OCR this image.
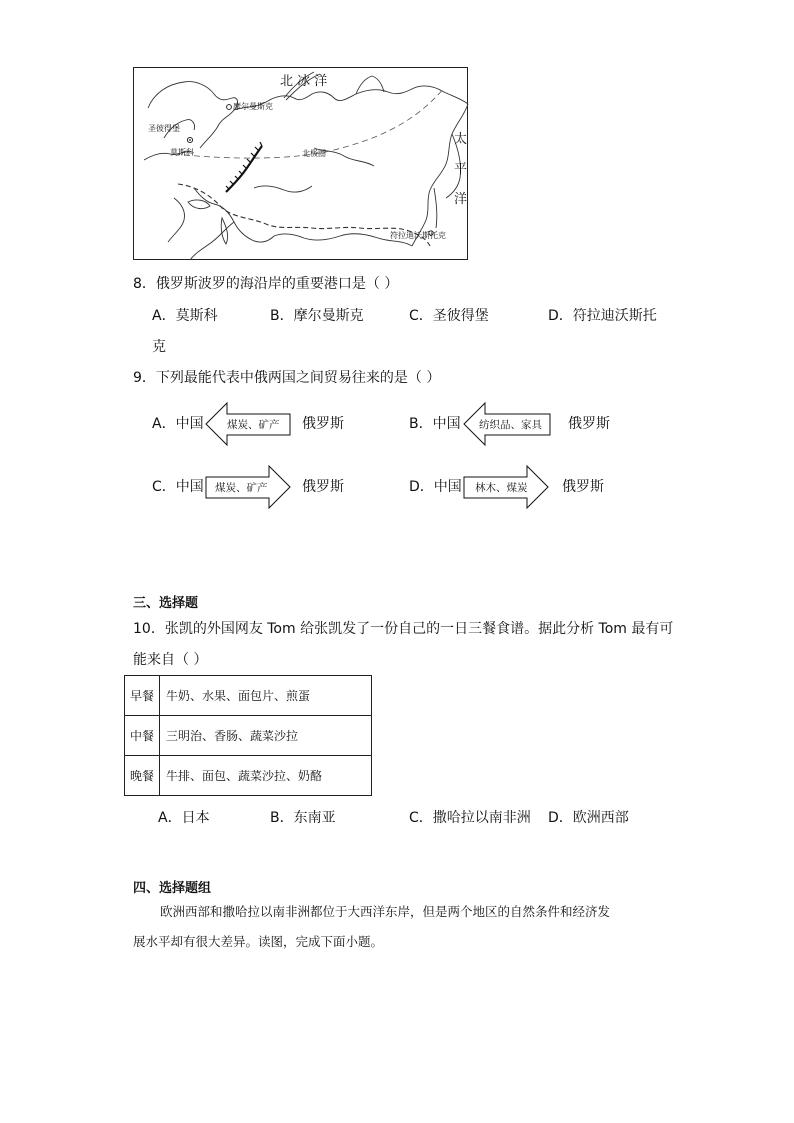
北 冰 洋
太
平
洋
摩尔曼斯克
圣彼得堡
莫斯科	北极圈
符拉迪沃斯托克
8．俄罗斯波罗的海沿岸的重要港口是（ ）
A．莫斯科	B．摩尔曼斯克	C．圣彼得堡	D．符拉迪沃斯托
克
9．下列最能代表中俄两国之间贸易往来的是（ ）
A．中国 煤炭、矿产 俄罗斯	B．中国 纺织品、家具 俄罗斯
C．中国 煤炭、矿产 俄罗斯	D．中国 林木、煤炭 俄罗斯
三、选择题
10．张凯的外国网友 Tom 给张凯发了一份自己的一日三餐食谱。据此分析 Tom 最有可
能来自（ ）
早餐	牛奶、水果、面包片、煎蛋
中餐	三明治、香肠、蔬菜沙拉
晚餐	牛排、面包、蔬菜沙拉、奶酪
A．日本	B．东南亚	C．撒哈拉以南非洲 D．欧洲西部
四、选择题组
欧洲西部和撒哈拉以南非洲都位于大西洋东岸，但是两个地区的自然条件和经济发
展水平却有很大差异。读图，完成下面小题。
